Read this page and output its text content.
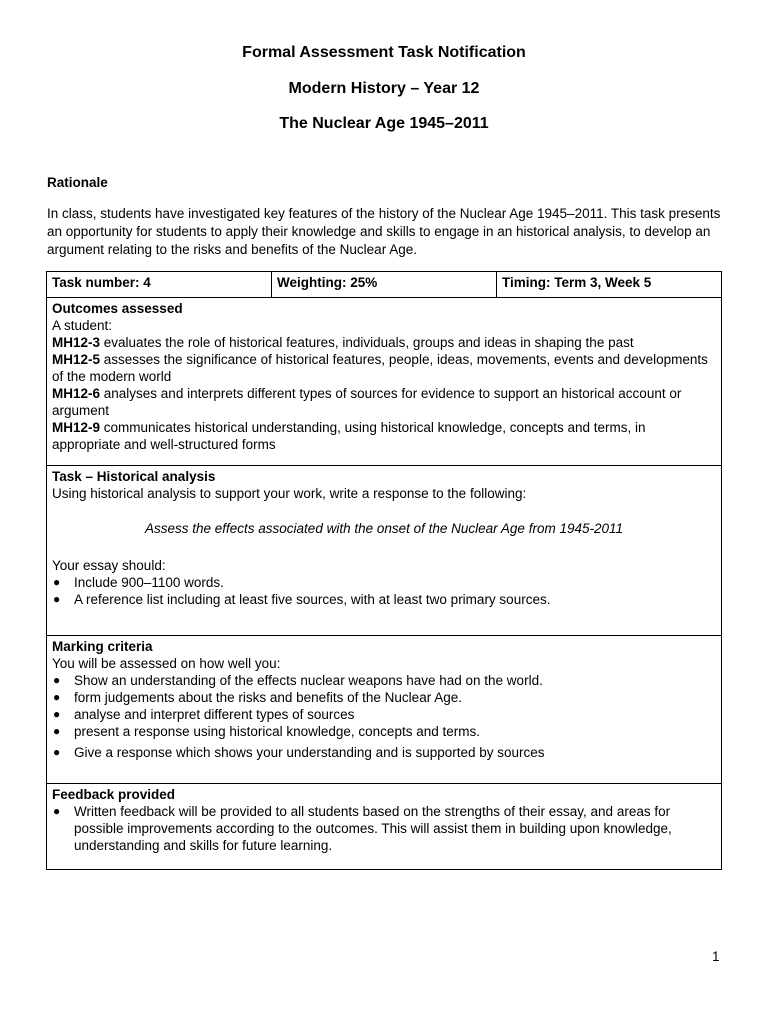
Formal Assessment Task Notification
Modern History – Year 12
The Nuclear Age 1945–2011
Rationale
In class, students have investigated key features of the history of the Nuclear Age 1945–2011. This task presents an opportunity for students to apply their knowledge and skills to engage in an historical analysis, to develop an argument relating to the risks and benefits of the Nuclear Age.
Task number: 4	Weighting: 25%	Timing: Term 3, Week 5

Outcomes assessed
A student:
MH12-3 evaluates the role of historical features, individuals, groups and ideas in shaping the past
MH12-5 assesses the significance of historical features, people, ideas, movements, events and developments of the modern world
MH12-6 analyses and interprets different types of sources for evidence to support an historical account or argument
MH12-9 communicates historical understanding, using historical knowledge, concepts and terms, in appropriate and well-structured forms

Task – Historical analysis
Using historical analysis to support your work, write a response to the following:
Assess the effects associated with the onset of the Nuclear Age from 1945-2011
Your essay should:
● Include 900–1100 words.
● A reference list including at least five sources, with at least two primary sources.

Marking criteria
You will be assessed on how well you:
● Show an understanding of the effects nuclear weapons have had on the world.
● form judgements about the risks and benefits of the Nuclear Age.
● analyse and interpret different types of sources
● present a response using historical knowledge, concepts and terms.
● Give a response which shows your understanding and is supported by sources

Feedback provided
● Written feedback will be provided to all students based on the strengths of their essay, and areas for possible improvements according to the outcomes. This will assist them in building upon knowledge, understanding and skills for future learning.
1
